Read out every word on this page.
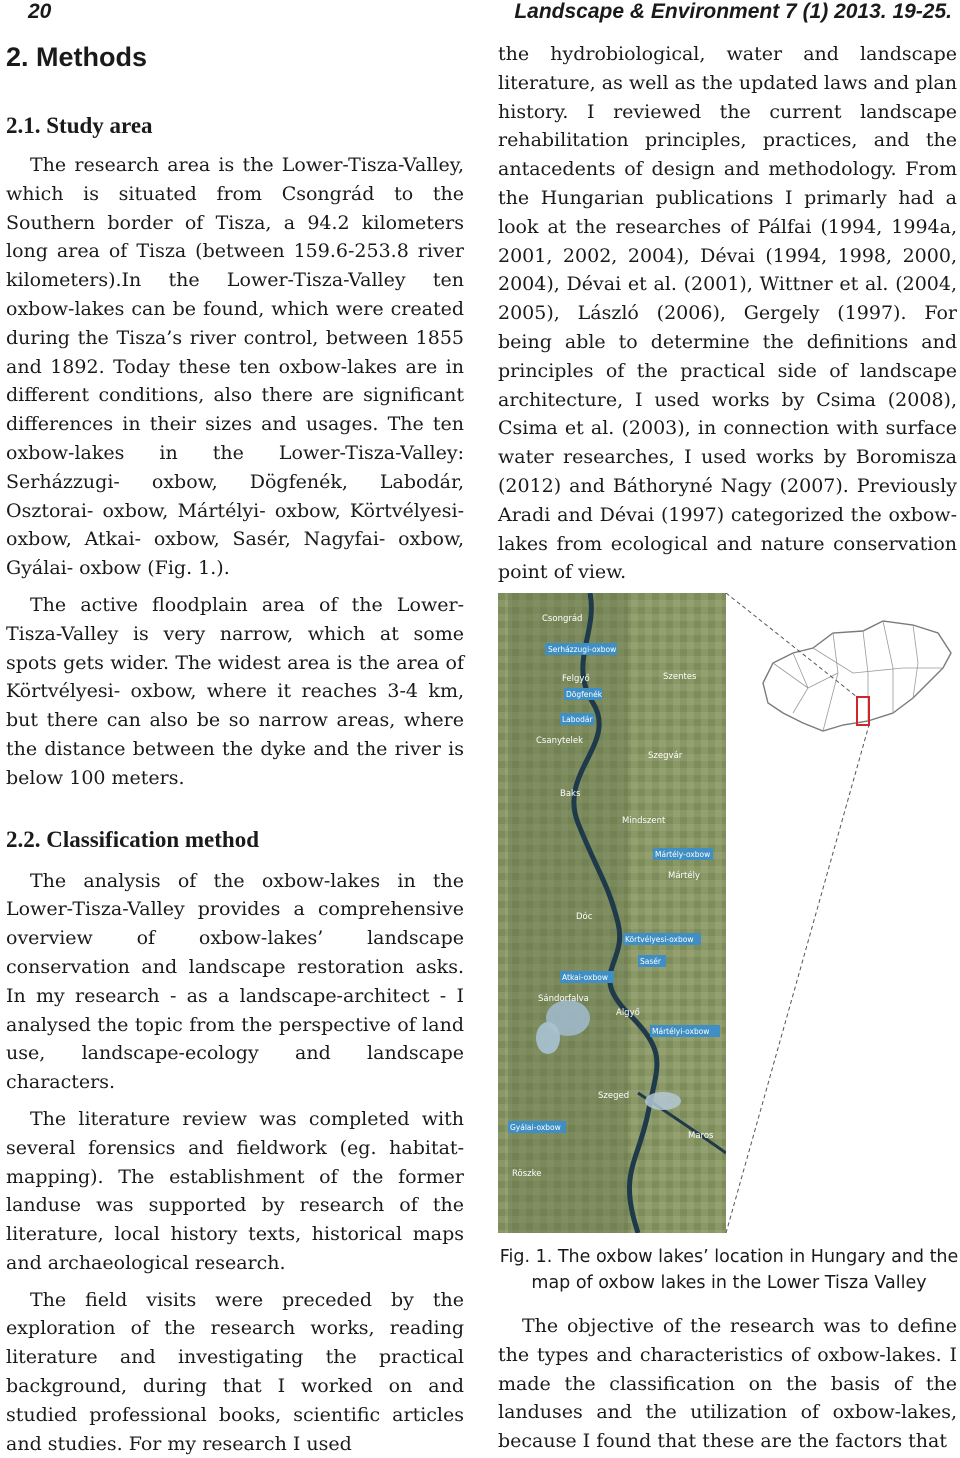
20	Landscape & Environment 7 (1) 2013. 19-25.
2. Methods
2.1. Study area

The research area is the Lower-Tisza-Valley, which is situated from Csongrád to the Southern border of Tisza, a 94.2 kilometers long area of Tisza (between 159.6-253.8 river kilometers).In the Lower-Tisza-Valley ten oxbow-lakes can be found, which were created during the Tisza’s river control, between 1855 and 1892. Today these ten oxbow-lakes are in different conditions, also there are significant differences in their sizes and usages. The ten oxbow-lakes in the Lower-Tisza-Valley: Serházzugi- oxbow, Dögfenék, Labodár, Osztorai- oxbow, Mártélyi- oxbow, Körtvélyesi- oxbow, Atkai- oxbow, Sasér, Nagyfai- oxbow, Gyálai- oxbow (Fig. 1.).

The active floodplain area of the Lower-Tisza-Valley is very narrow, which at some spots gets wider. The widest area is the area of Körtvélyesi- oxbow, where it reaches 3-4 km, but there can also be so narrow areas, where the distance between the dyke and the river is below 100 meters.

2.2. Classification method

The analysis of the oxbow-lakes in the Lower-Tisza-Valley provides a comprehensive overview of oxbow-lakes’ landscape conservation and landscape restoration asks. In my research - as a landscape-architect - I analysed the topic from the perspective of land use, landscape-ecology and landscape characters.

The literature review was completed with several forensics and fieldwork (eg. habitat-mapping). The establishment of the former landuse was supported by research of the literature, local history texts, historical maps and archaeological research.

The field visits were preceded by the exploration of the research works, reading literature and investigating the practical background, during that I worked on and studied professional books, scientific articles and studies. For my research I used

the hydrobiological, water and landscape literature, as well as the updated laws and plan history. I reviewed the current landscape rehabilitation principles, practices, and the antacedents of design and methodology. From the Hungarian publications I primarly had a look at the researches of Pálfai (1994, 1994a, 2001, 2002, 2004), Dévai (1994, 1998, 2000, 2004), Dévai et al. (2001), Wittner et al. (2004, 2005), László (2006), Gergely (1997). For being able to determine the definitions and principles of the practical side of landscape architecture, I used works by Csima (2008), Csima et al. (2003), in connection with surface water researches, I used works by Boromisza (2012) and Báthoryné Nagy (2007). Previously Aradi and Dévai (1997) categorized the oxbow-lakes from ecological and nature conservation point of view.

Csongrád
Felgyő	Szentes
Csanytelek
Szegvár
Baks
Mindszent
Mártély
Dóc
Sándorfalva
Algyő
Szeged
Röszke
Maros
Serházzugi-oxbow
Dögfenék
Labodár
Mártély-oxbow
Körtvélyesi-oxbow
Sasér
Atkai-oxbow
Mártélyi-oxbow
Gyálai-oxbow
Fig. 1. The oxbow lakes’ location in Hungary and the map of oxbow lakes in the Lower Tisza Valley

The objective of the research was to define the types and characteristics of oxbow-lakes. I made the classification on the basis of the landuses and the utilization of oxbow-lakes, because I found that these are the factors that
